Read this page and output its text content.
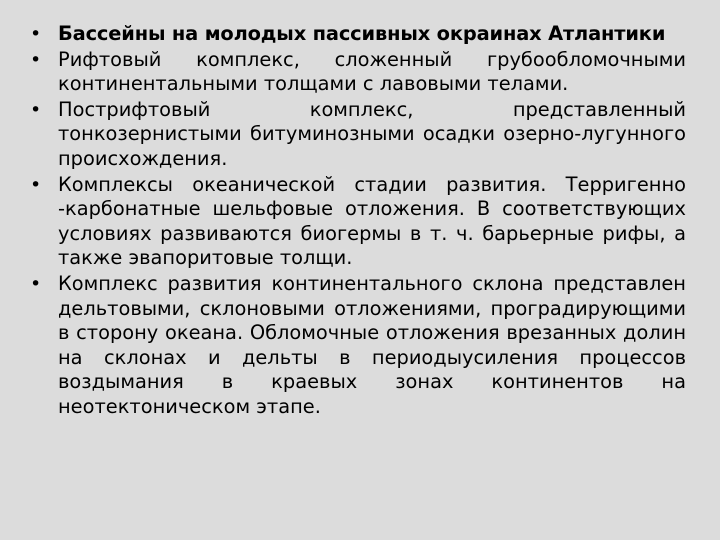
• Бассейны на молодых пассивных окраинах Атлантики
• Рифтовый комплекс, сложенный грубообломочными континентальными толщами с лавовыми телами.
• Пострифтовый комплекс, представленный тонкозернистыми битуминозными осадки озерно-лугунного происхождения.
• Комплексы океанической стадии развития. Терригенно -карбонатные шельфовые отложения. В соответствующих условиях развиваются биогермы в т. ч. барьерные рифы, а также эвапоритовые толщи.
• Комплекс развития континентального склона представлен дельтовыми, склоновыми отложениями, проградирующими в сторону океана. Обломочные отложения врезанных долин на склонах и дельты в периодыусиления процессов воздымания в краевых зонах континентов на неотектоническом этапе.
